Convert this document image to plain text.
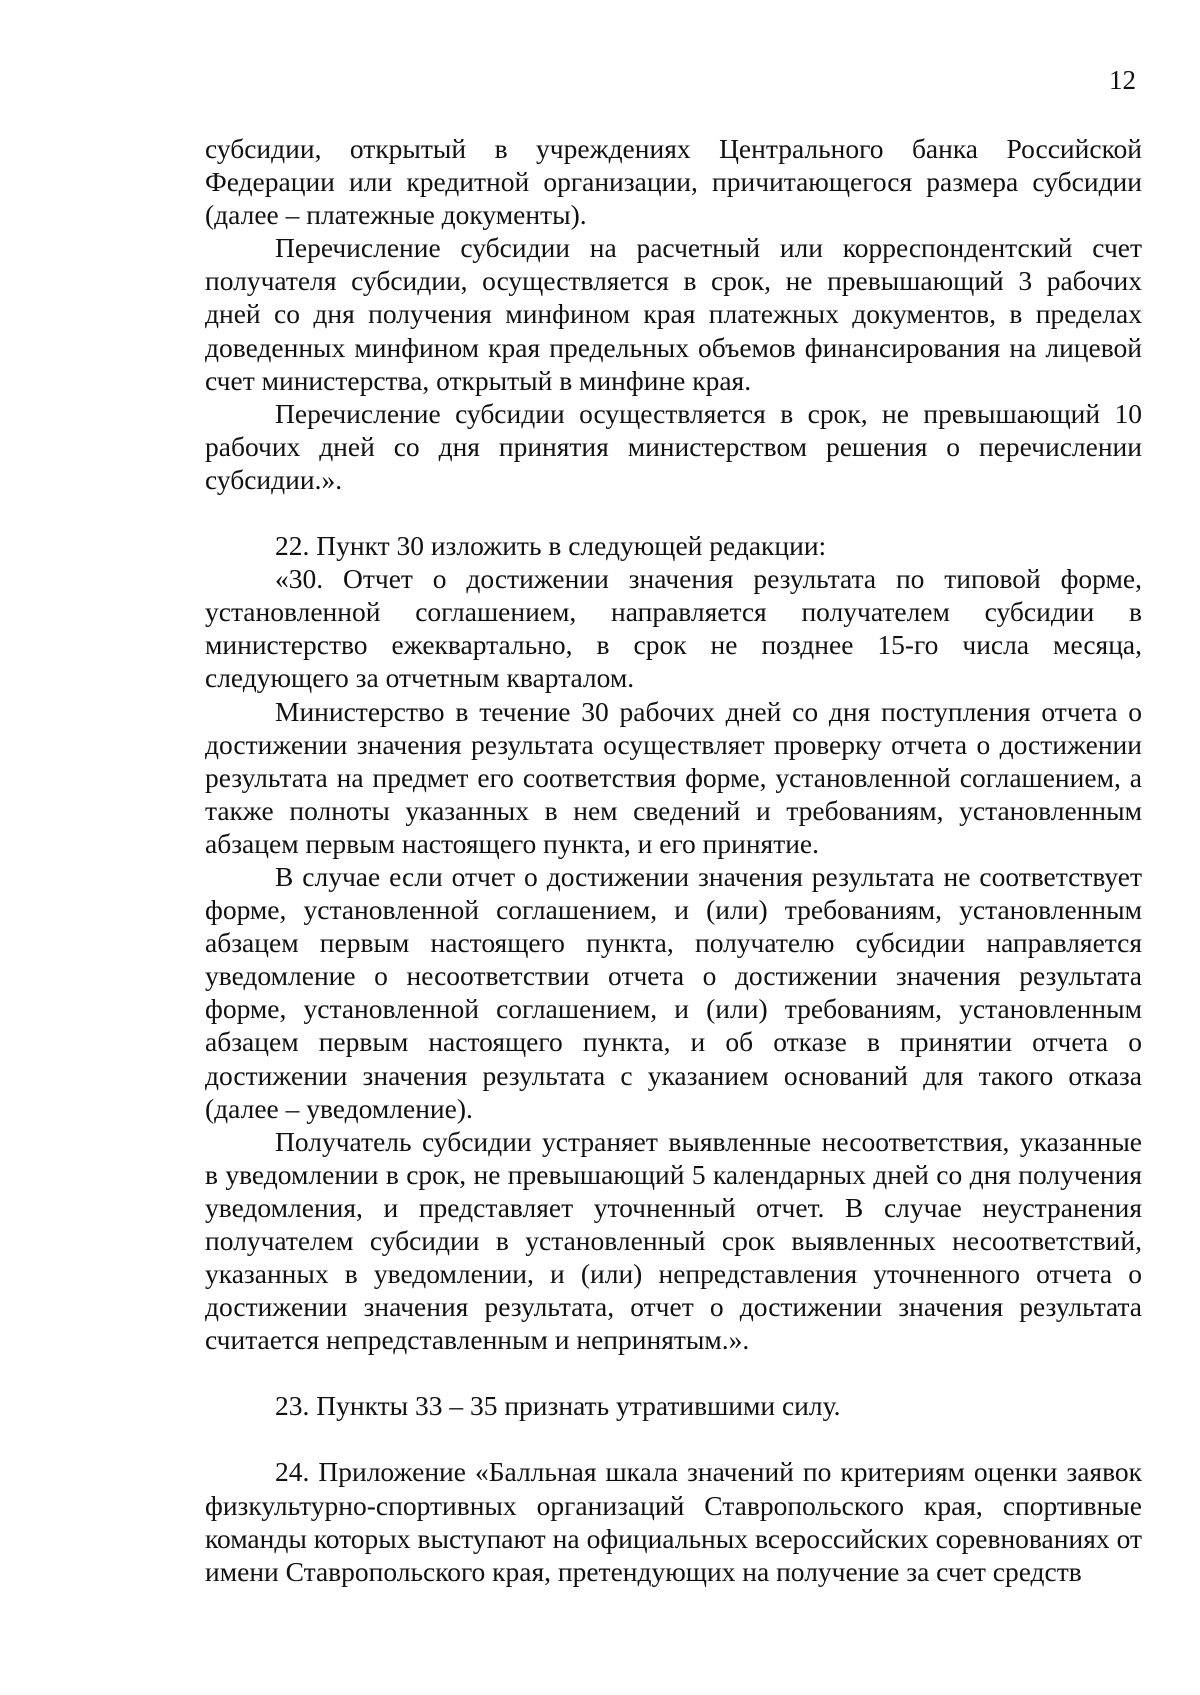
12

субсидии, открытый в учреждениях Центрального банка Российской Федерации или кредитной организации, причитающегося размера субсидии (далее – платежные документы).

Перечисление субсидии на расчетный или корреспондентский счет получателя субсидии, осуществляется в срок, не превышающий 3 рабочих дней со дня получения минфином края платежных документов, в пределах доведенных минфином края предельных объемов финансирования на лицевой счет министерства, открытый в минфине края.

Перечисление субсидии осуществляется в срок, не превышающий 10 рабочих дней со дня принятия министерством решения о перечислении субсидии.».

22. Пункт 30 изложить в следующей редакции:

«30. Отчет о достижении значения результата по типовой форме, установленной соглашением, направляется получателем субсидии в министерство ежеквартально, в срок не позднее 15-го числа месяца, следующего за отчетным кварталом.

Министерство в течение 30 рабочих дней со дня поступления отчета о достижении значения результата осуществляет проверку отчета о достижении результата на предмет его соответствия форме, установленной соглашением, а также полноты указанных в нем сведений и требованиям, установленным абзацем первым настоящего пункта, и его принятие.

В случае если отчет о достижении значения результата не соответствует форме, установленной соглашением, и (или) требованиям, установленным абзацем первым настоящего пункта, получателю субсидии направляется уведомление о несоответствии отчета о достижении значения результата форме, установленной соглашением, и (или) требованиям, установленным абзацем первым настоящего пункта, и об отказе в принятии отчета о достижении значения результата с указанием оснований для такого отказа (далее – уведомление).

Получатель субсидии устраняет выявленные несоответствия, указанные в уведомлении в срок, не превышающий 5 календарных дней со дня получения уведомления, и представляет уточненный отчет. В случае неустранения получателем субсидии в установленный срок выявленных несоответствий, указанных в уведомлении, и (или) непредставления уточненного отчета о достижении значения результата, отчет о достижении значения результата считается непредставленным и непринятым.».

23. Пункты 33 – 35 признать утратившими силу.

24. Приложение «Балльная шкала значений по критериям оценки заявок физкультурно-спортивных организаций Ставропольского края, спортивные команды которых выступают на официальных всероссийских соревнованиях от имени Ставропольского края, претендующих на получение за счет средств
